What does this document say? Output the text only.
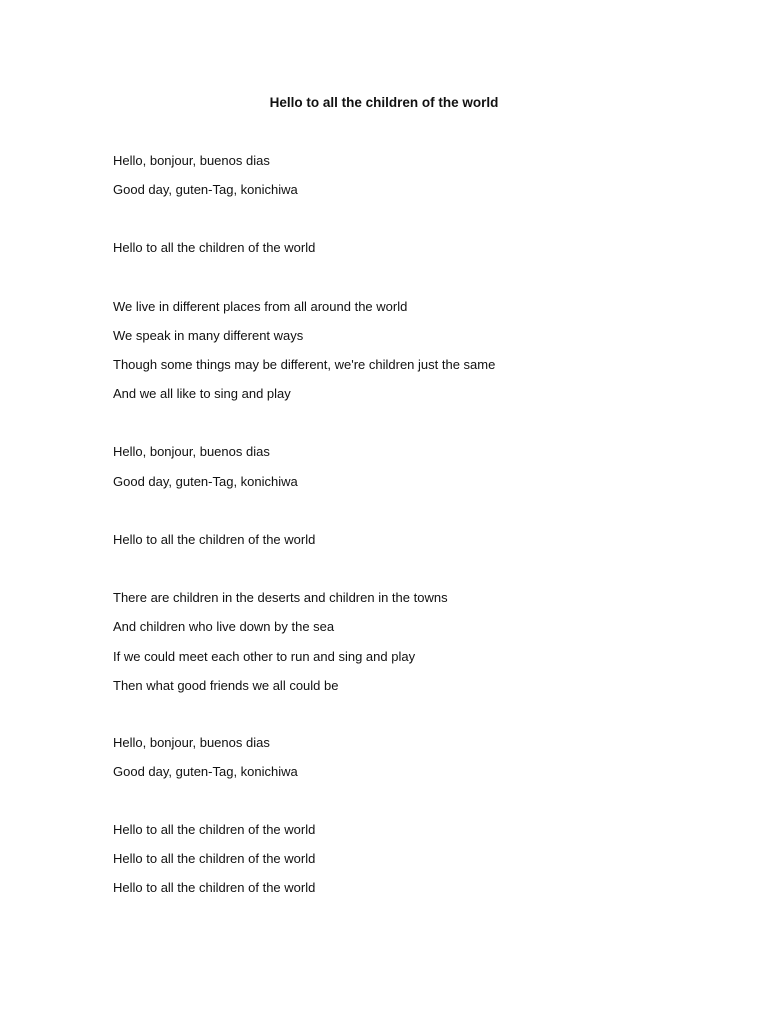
Hello to all the children of the world
Hello, bonjour, buenos dias
Good day, guten-Tag, konichiwa
Hello to all the children of the world
We live in different places from all around the world
We speak in many different ways
Though some things may be different, we're children just the same
And we all like to sing and play
Hello, bonjour, buenos dias
Good day, guten-Tag, konichiwa
Hello to all the children of the world
There are children in the deserts and children in the towns
And children who live down by the sea
If we could meet each other to run and sing and play
Then what good friends we all could be
Hello, bonjour, buenos dias
Good day, guten-Tag, konichiwa
Hello to all the children of the world
Hello to all the children of the world
Hello to all the children of the world
